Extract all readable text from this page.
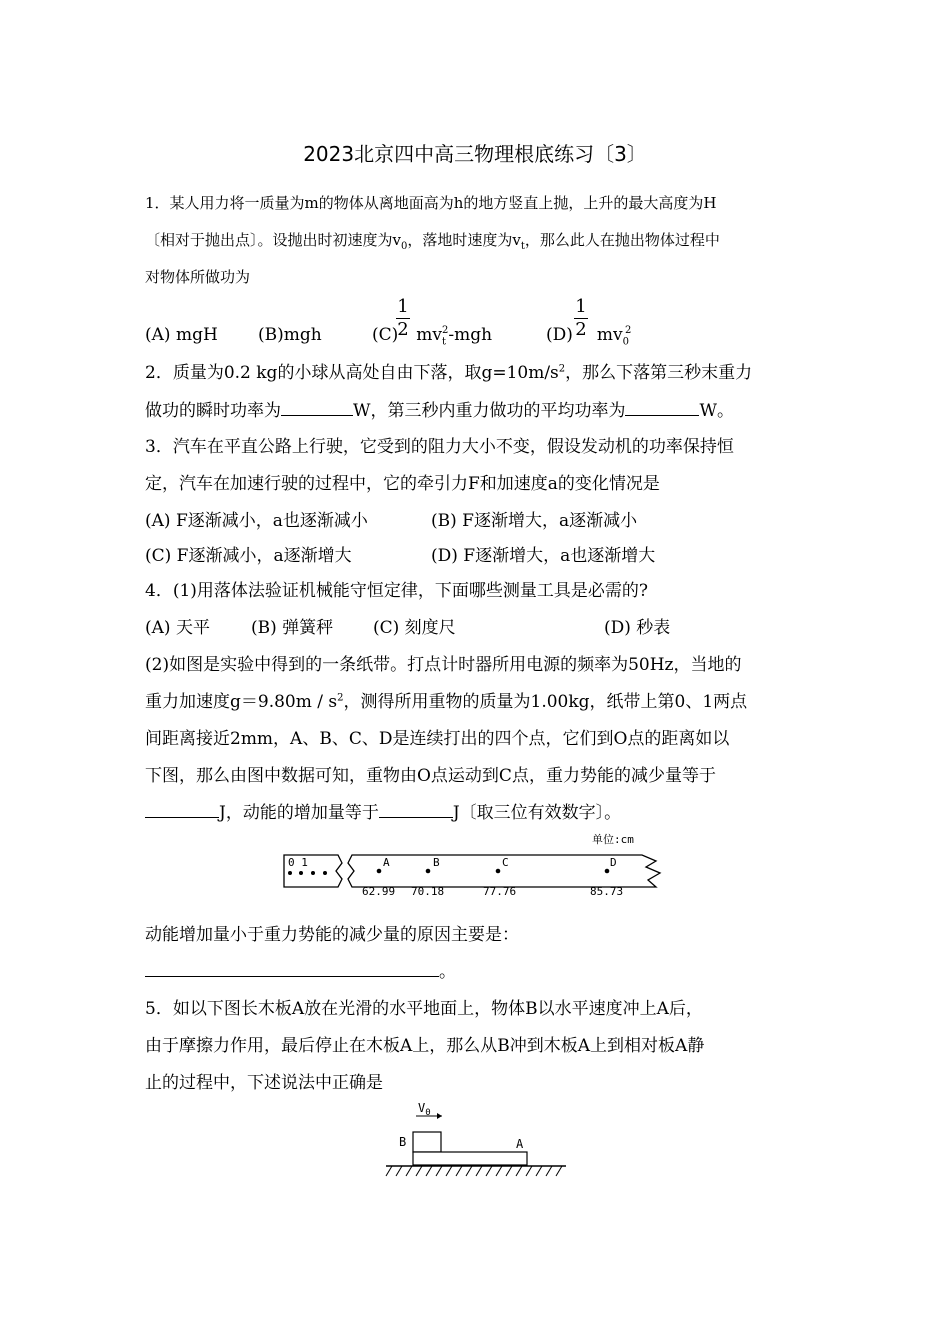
2023北京四中高三物理根底练习〔3〕
1．某人用力将一质量为m的物体从离地面高为h的地方竖直上抛，上升的最大高度为H
〔相对于抛出点〕。设抛出时初速度为$v_0$，落地时速度为$v_t$，那么此人在抛出物体过程中
对物体所做功为
(A) mgH (B)mgh	(C) $mv_t^2$-mgh
1
2	(D) $mv_0^2$
1
2
2．质量为0.2 kg的小球从高处自由下落，取$g=10m/s^2$，那么下落第三秒末重力
做功的瞬时功率为	W，第三秒内重力做功的平均功率为	W。
3．汽车在平直公路上行驶，它受到的阻力大小不变，假设发动机的功率保持恒
定，汽车在加速行驶的过程中，它的牵引力F和加速度a的变化情况是
(A) F逐渐减小，a也逐渐减小	(B) F逐渐增大，a逐渐减小
(C) F逐渐减小，a逐渐增大	(D) F逐渐增大，a也逐渐增大
4．(1)用落体法验证机械能守恒定律，下面哪些测量工具是必需的?
(A) 天平 (B) 弹簧秤 (C) 刻度尺	(D) 秒表
(2)如图是实验中得到的一条纸带。打点计时器所用电源的频率为50Hz，当地的
重力加速度$g=9.80m / s^2$，测得所用重物的质量为1.00kg，纸带上第0、1两点
间距离接近2mm，A、B、C、D是连续打出的四个点，它们到O点的距离如以
下图，那么由图中数据可知，重物由O点运动到C点，重力势能的减少量等于
J，动能的增加量等于	J〔取三位有效数字〕。
单位:cm
0 1	A
62.99
B
70.18
C
77.76
D
85.73
动能增加量小于重力势能的减少量的原因主要是：
。
5．如以下图长木板A放在光滑的水平地面上，物体B以水平速度冲上A后，
由于摩擦力作用，最后停止在木板A上，那么从B冲到木板A上到相对板A静
止的过程中，下述说法中正确是
$V_0$
B	A
